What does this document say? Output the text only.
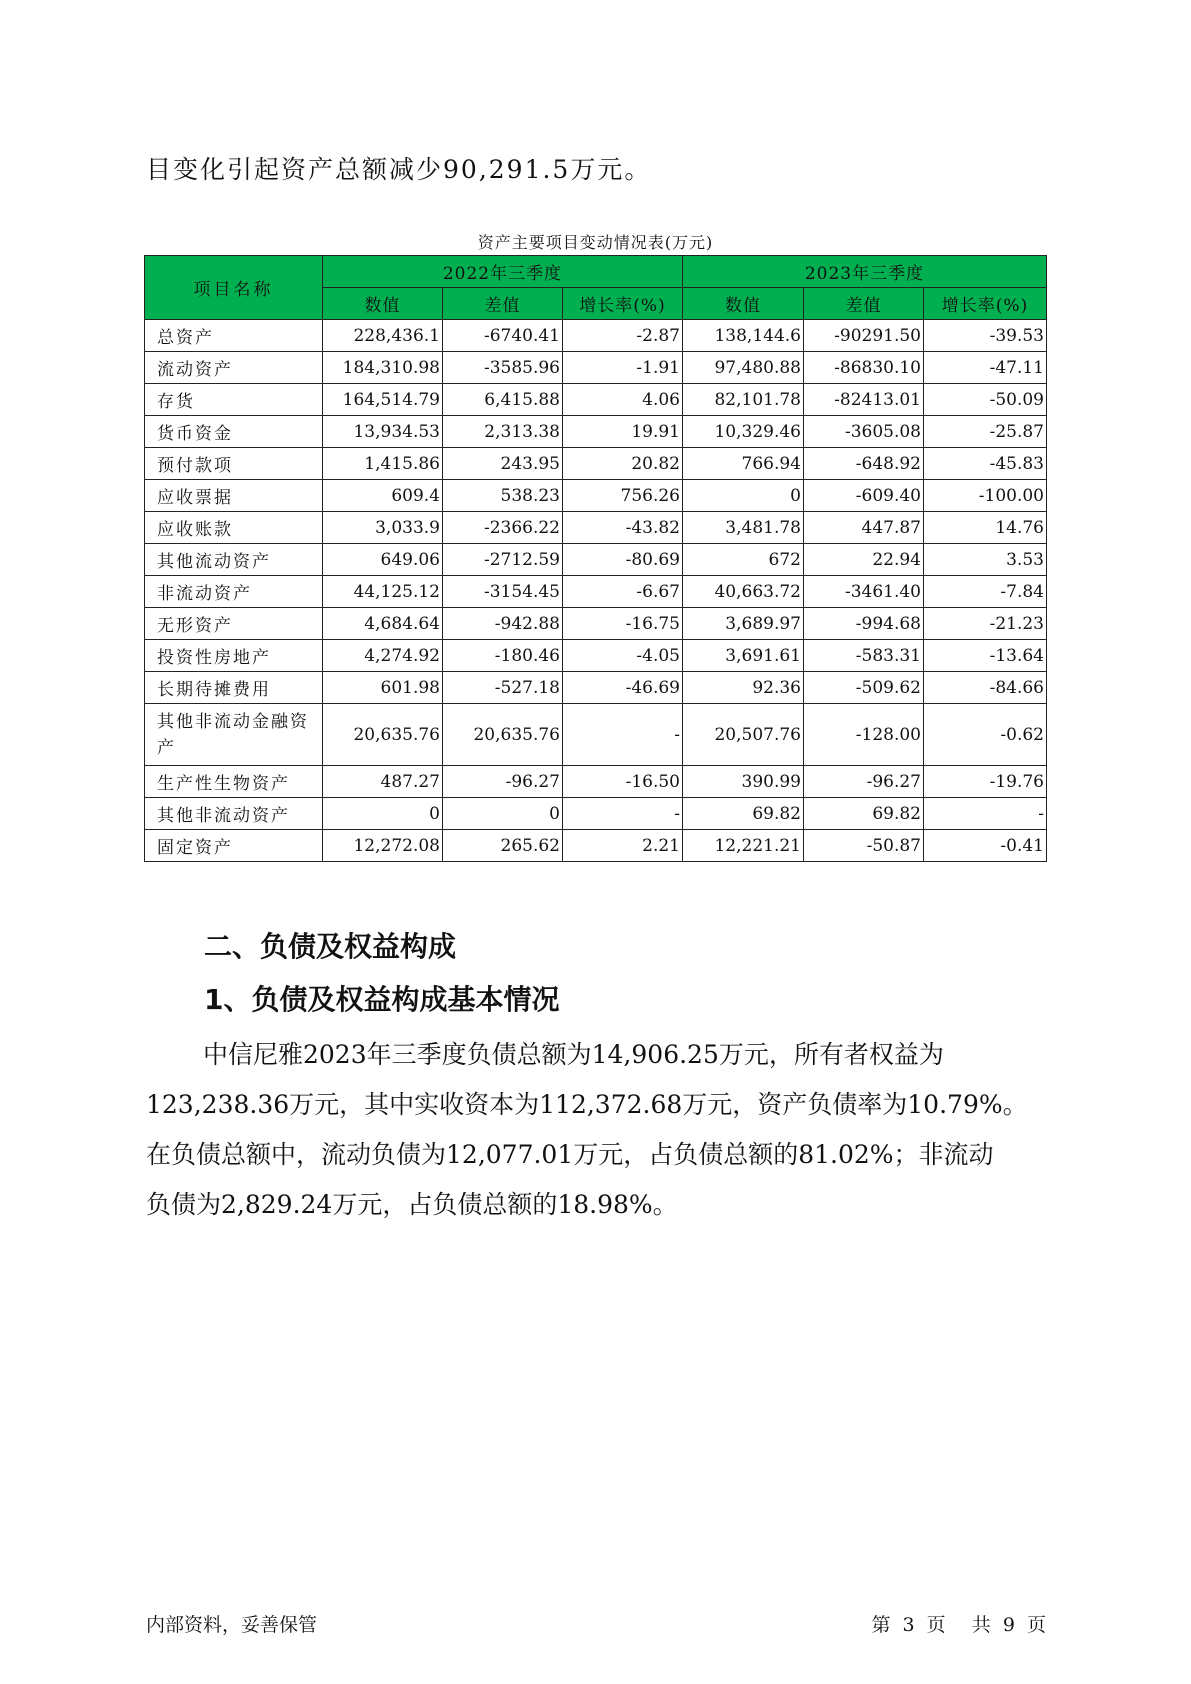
目变化引起资产总额减少90,291.5万元。
资产主要项目变动情况表(万元)
项目名称	2022年三季度			2023年三季度		
	数值	差值	增长率(%)	数值	差值	增长率(%)
总资产	228,436.1	-6740.41	-2.87	138,144.6	-90291.50	-39.53
流动资产	184,310.98	-3585.96	-1.91	97,480.88	-86830.10	-47.11
存货	164,514.79	6,415.88	4.06	82,101.78	-82413.01	-50.09
货币资金	13,934.53	2,313.38	19.91	10,329.46	-3605.08	-25.87
预付款项	1,415.86	243.95	20.82	766.94	-648.92	-45.83
应收票据	609.4	538.23	756.26	0	-609.40	-100.00
应收账款	3,033.9	-2366.22	-43.82	3,481.78	447.87	14.76
其他流动资产	649.06	-2712.59	-80.69	672	22.94	3.53
非流动资产	44,125.12	-3154.45	-6.67	40,663.72	-3461.40	-7.84
无形资产	4,684.64	-942.88	-16.75	3,689.97	-994.68	-21.23
投资性房地产	4,274.92	-180.46	-4.05	3,691.61	-583.31	-13.64
长期待摊费用	601.98	-527.18	-46.69	92.36	-509.62	-84.66
其他非流动金融资产	20,635.76	20,635.76	-	20,507.76	-128.00	-0.62
生产性生物资产	487.27	-96.27	-16.50	390.99	-96.27	-19.76
其他非流动资产	0	0	-	69.82	69.82	-
固定资产	12,272.08	265.62	2.21	12,221.21	-50.87	-0.41
二、负债及权益构成
1、负债及权益构成基本情况
中信尼雅2023年三季度负债总额为14,906.25万元，所有者权益为
123,238.36万元，其中实收资本为112,372.68万元，资产负债率为10.79%。
在负债总额中，流动负债为12,077.01万元，占负债总额的81.02%；非流动
负债为2,829.24万元，占负债总额的18.98%。
内部资料，妥善保管	第 3 页 共 9 页
